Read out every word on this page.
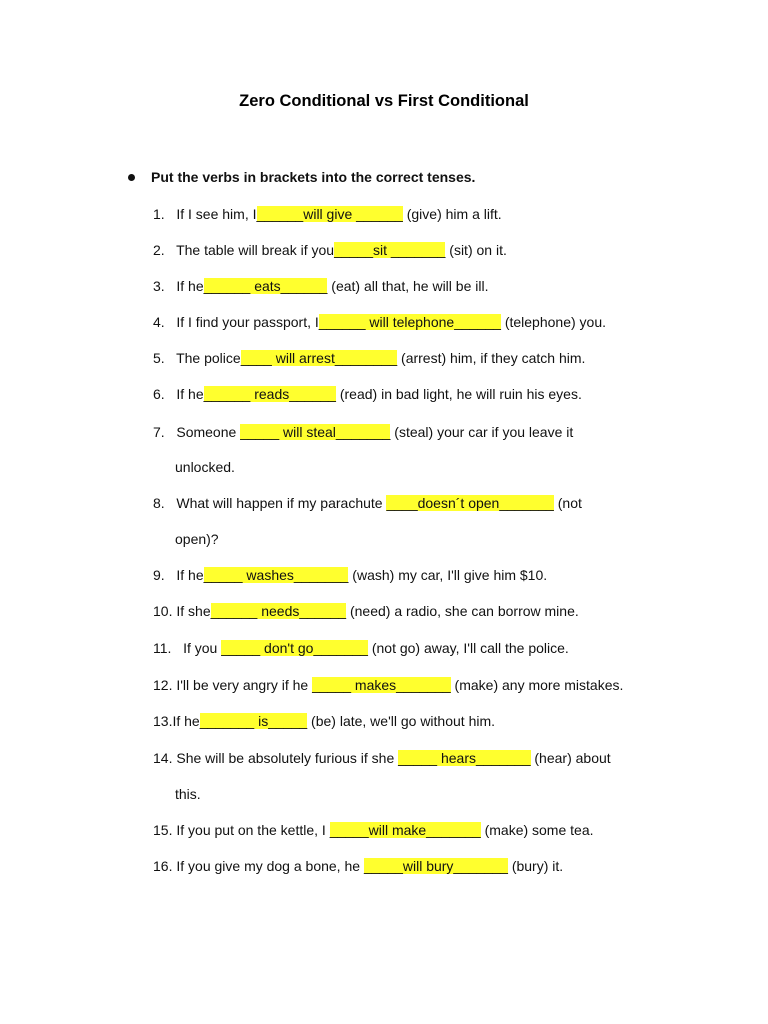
Zero Conditional vs First Conditional
Put the verbs in brackets into the correct tenses.
1.   If I see him, I______will give ______ (give) him a lift.
2.   The table will break if you_____sit _______ (sit) on it.
3.   If he______ eats______ (eat) all that, he will be ill.
4.   If I find your passport, I______ will telephone______ (telephone) you.
5.   The police____ will arrest________ (arrest) him, if they catch him.
6.   If he______ reads______ (read) in bad light, he will ruin his eyes.
7.   Someone _____ will steal_______ (steal) your car if you leave it
unlocked.
8.   What will happen if my parachute ____doesn´t open_______ (not
open)?
9.   If he_____ washes_______ (wash) my car, I'll give him $10.
10. If she______ needs______ (need) a radio, she can borrow mine.
11.   If you _____ don't go_______ (not go) away, I'll call the police.
12. I'll be very angry if he _____ makes_______ (make) any more mistakes.
13.If he_______ is_____ (be) late, we'll go without him.
14. She will be absolutely furious if she _____ hears_______ (hear) about
this.
15. If you put on the kettle, I _____will make_______ (make) some tea.
16. If you give my dog a bone, he _____will bury_______ (bury) it.
